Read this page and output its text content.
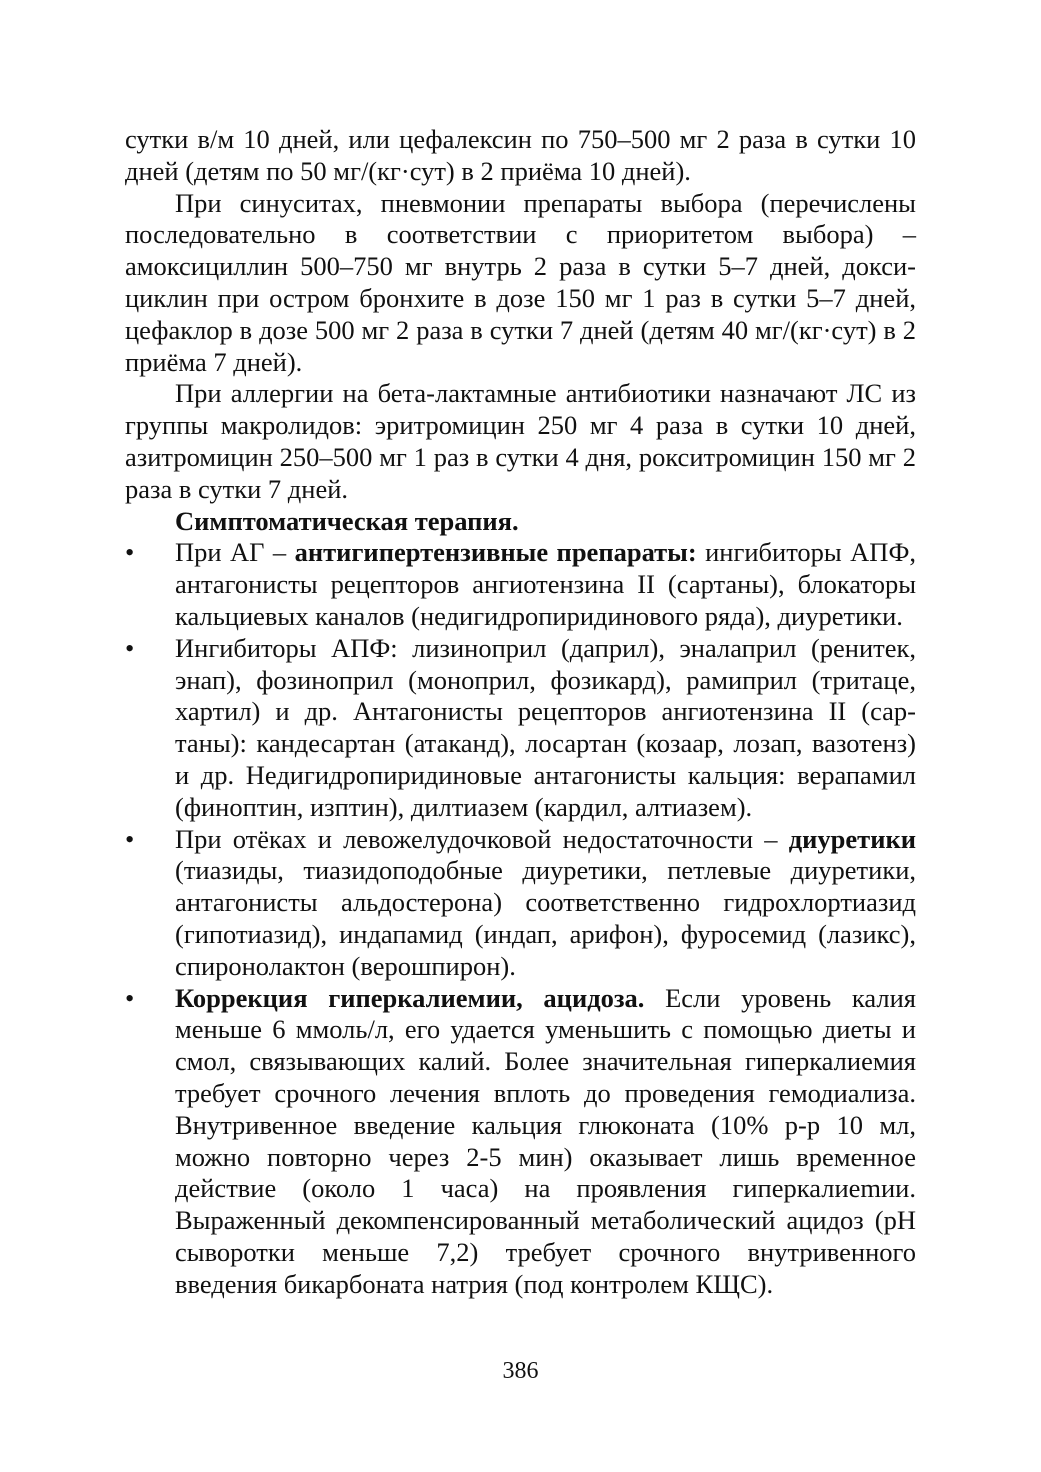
сутки в/м 10 дней, или цефалексин по 750–500 мг 2 раза в сутки 10 дней (детям по 50 мг/(кг·сут) в 2 приёма 10 дней).

При синуситах, пневмонии препараты выбора (перечислены последовательно в соответствии с приоритетом выбора) – амоксициллин 500–750 мг внутрь 2 раза в сутки 5–7 дней, доксициклин при остром бронхите в дозе 150 мг 1 раз в сутки 5–7 дней, цефаклор в дозе 500 мг 2 раза в сутки 7 дней (детям 40 мг/(кг·сут) в 2 приёма 7 дней).

При аллергии на бета-лактамные антибиотики назначают ЛС из группы макролидов: эритромицин 250 мг 4 раза в сутки 10 дней, азитромицин 250–500 мг 1 раз в сутки 4 дня, рокситромицин 150 мг 2 раза в сутки 7 дней.

Симптоматическая терапия.
• При АГ – антигипертензивные препараты: ингибиторы АПФ, антагонисты рецепторов ангиотензина II (сартаны), блокаторы кальциевых каналов (недигидропиридинового ряда), диуретики.
• Ингибиторы АПФ: лизиноприл (даприл), эналаприл (ренитек, энап), фозиноприл (моноприл, фозикард), рамиприл (тритаце, хартил) и др. Антагонисты рецепторов ангиотензина II (сартаны): кандесартан (атаканд), лосартан (козаар, лозап, вазотенз) и др. Недигидропиридиновые антагонисты кальция: верапамил (финоптин, изптин), дилтиазем (кардил, алтиазем).
• При отёках и левожелудочковой недостаточности – диуретики (тиазиды, тиазидоподобные диуретики, петлевые диуретики, антагонисты альдостерона) соответственно гидрохлортиазид (гипотиазид), индапамид (индап, арифон), фуросемид (лазикс), спиронолактон (верошпирон).
• Коррекция гиперкалиемии, ацидоза. Если уровень калия меньше 6 ммоль/л, его удается уменьшить с помощью диеты и смол, связывающих калий. Более значительная гиперкалиемия требует срочного лечения вплоть до проведения гемодиализа. Внутривенное введение кальция глюконата (10% р-р 10 мл, можно повторно через 2-5 мин) оказывает лишь временное действие (около 1 часа) на проявления гиперкалиеmии. Выраженный декомпенсированный метаболический ацидоз (рН сыворотки меньше 7,2) требует срочного внутривенного введения бикарбоната натрия (под контролем КЩС).
386
